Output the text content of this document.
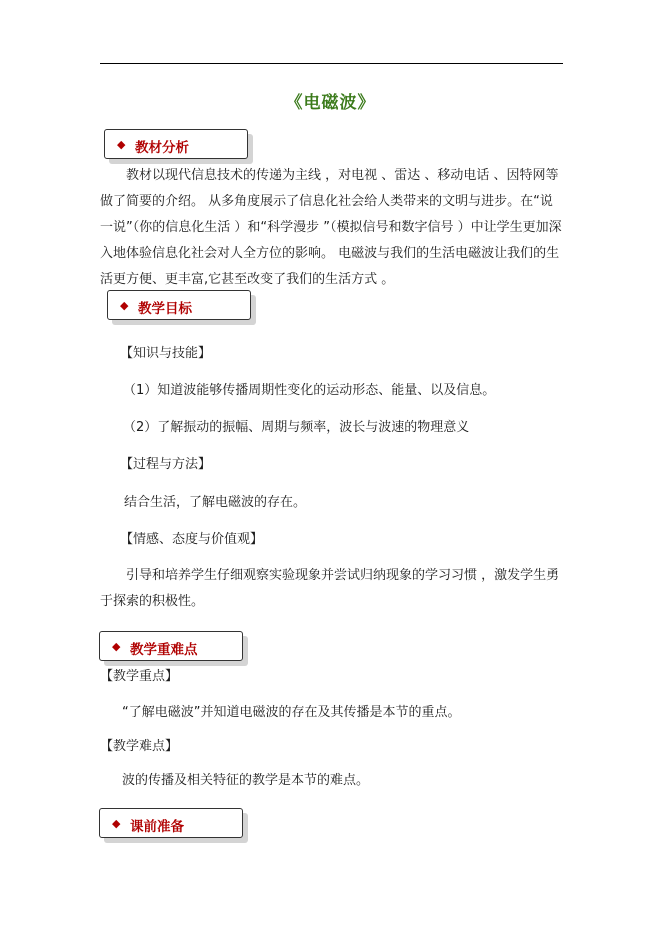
《电磁波》
◆ 教材分析

教材以现代信息技术的传递为主线 ，对电视 、雷达 、移动电话 、因特网等做了简要的介绍。 从多角度展示了信息化社会给人类带来的文明与进步。在“说一说”（你的信息化生活 ）和“科学漫步 ”（模拟信号和数字信号 ）中让学生更加深入地体验信息化社会对人全方位的影响。 电磁波与我们的生活电磁波让我们的生活更方便、更丰富,它甚至改变了我们的生活方式 。

◆ 教学目标
【知识与技能】
（1）知道波能够传播周期性变化的运动形态、能量、以及信息。
（2）了解振动的振幅、周期与频率，波长与波速的物理意义
【过程与方法】
结合生活，了解电磁波的存在。
【情感、态度与价值观】

引导和培养学生仔细观察实验现象并尝试归纳现象的学习习惯 ，激发学生勇于探索的积极性。

◆ 教学重难点
【教学重点】
“了解电磁波”并知道电磁波的存在及其传播是本节的重点。
【教学难点】
波的传播及相关特征的教学是本节的难点。
◆ 课前准备
